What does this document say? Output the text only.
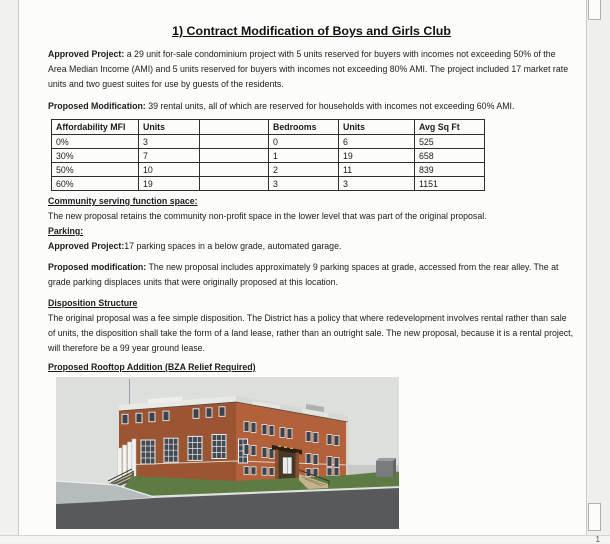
1) Contract Modification of Boys and Girls Club

Approved Project: a 29 unit for-sale condominium project with 5 units reserved for buyers with incomes not exceeding 50% of the Area Median Income (AMI) and 5 units reserved for buyers with incomes not exceeding 80% AMI. The project included 17 market rate units and two guest suites for use by guests of the residents.

Proposed Modification: 39 rental units, all of which are reserved for households with incomes not exceeding 60% AMI.

Affordability MFI	Units		Bedrooms	Units	Avg Sq Ft
0%	3		0	6	525
30%	7		1	19	658
50%	10		2	11	839
60%	19		3	3	1151

Community serving function space:

The new proposal retains the community non-profit space in the lower level that was part of the original proposal.

Parking:

Approved Project:17 parking spaces in a below grade, automated garage.

Proposed modification: The new proposal includes approximately 9 parking spaces at grade, accessed from the rear alley. The at grade parking displaces units that were originally proposed at this location.

Disposition Structure

The original proposal was a fee simple disposition. The District has a policy that where redevelopment involves rental rather than sale of units, the disposition shall take the form of a land lease, rather than an outright sale. The new proposal, because it is a rental project, will therefore be a 99 year ground lease.

Proposed Rooftop Addition (BZA Relief Required)

1
